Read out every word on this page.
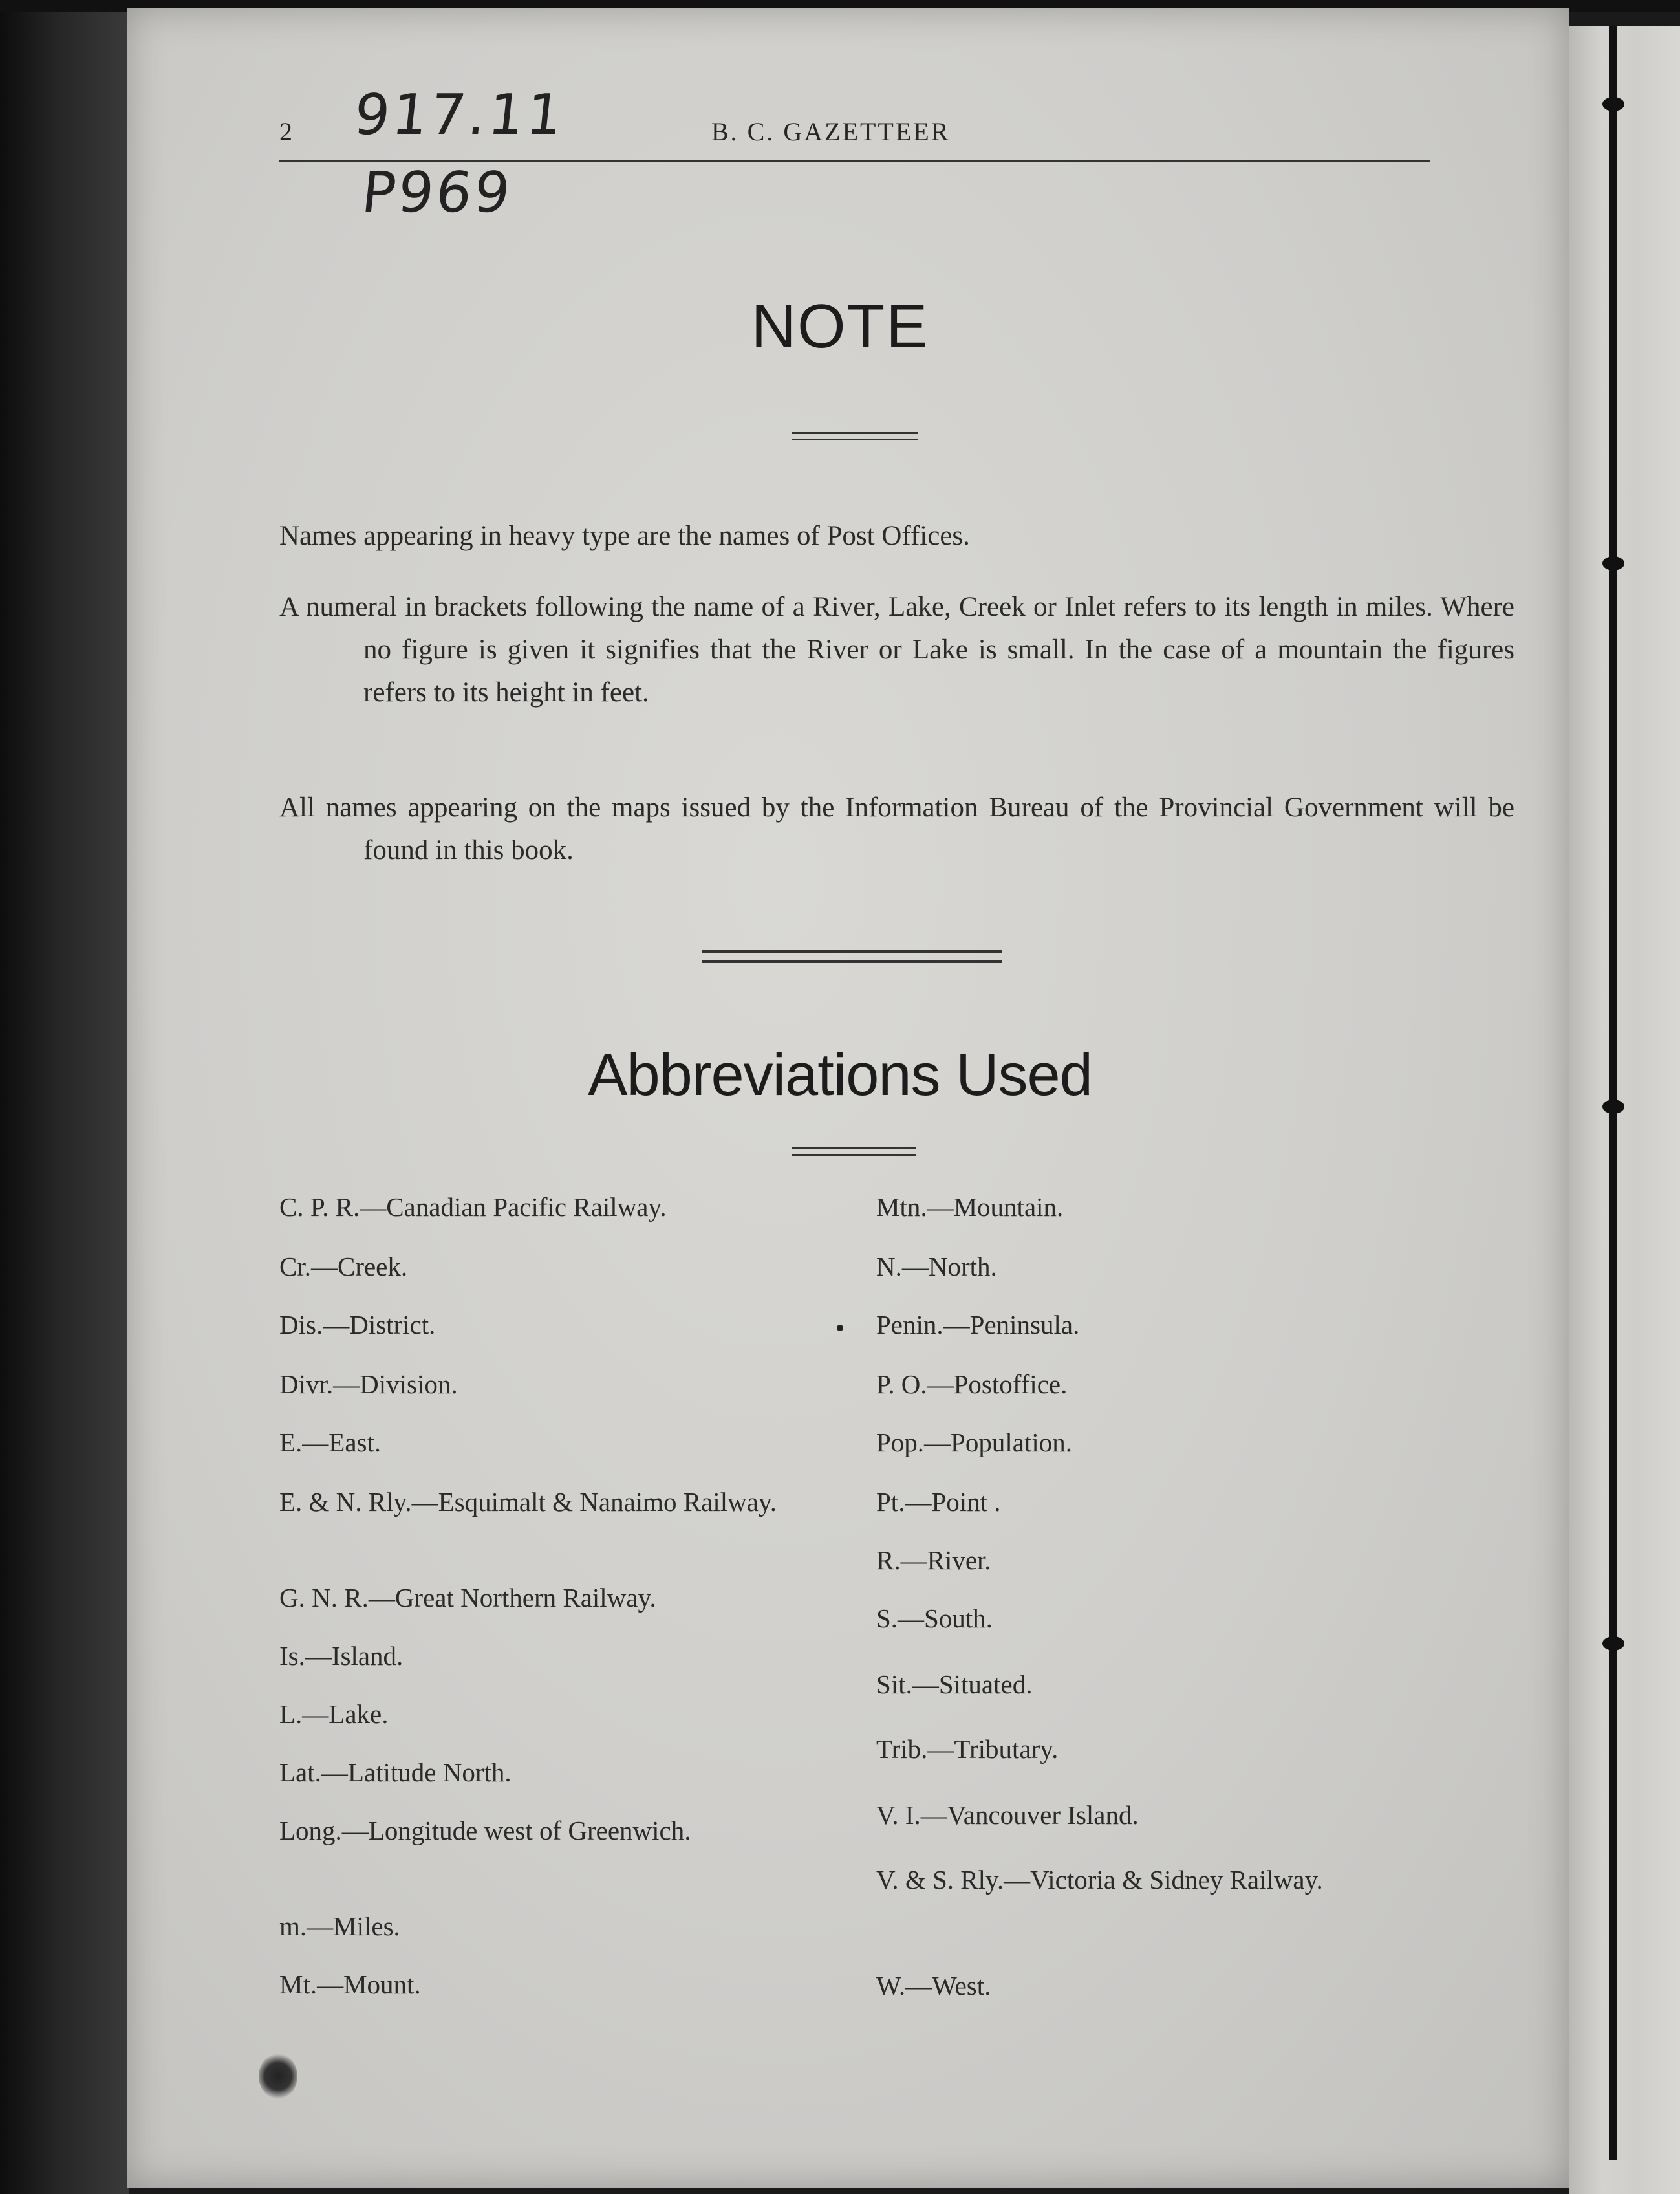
2	B. C. GAZETTEER
917.11
P969
NOTE
Names appearing in heavy type are the names of Post Offices.
A numeral in brackets following the name of a River, Lake, Creek or Inlet refers to its length in miles. Where no figure is given it signifies that the River or Lake is small. In the case of a mountain the figures refers to its height in feet.
All names appearing on the maps issued by the Information Bureau of the Provincial Government will be found in this book.
Abbreviations Used
C. P. R.—Canadian Pacific Railway.
Cr.—Creek.
Dis.—District.
Divr.—Division.
E.—East.
E. & N. Rly.—Esquimalt & Nanaimo Railway.
G. N. R.—Great Northern Railway.
Is.—Island.
L.—Lake.
Lat.—Latitude North.
Long.—Longitude west of Greenwich.
m.—Miles.
Mt.—Mount.
Mtn.—Mountain.
N.—North.
Penin.—Peninsula.
P. O.—Postoffice.
Pop.—Population.
Pt.—Point .
R.—River.
S.—South.
Sit.—Situated.
Trib.—Tributary.
V. I.—Vancouver Island.
V. & S. Rly.—Victoria & Sidney Railway.
W.—West.
